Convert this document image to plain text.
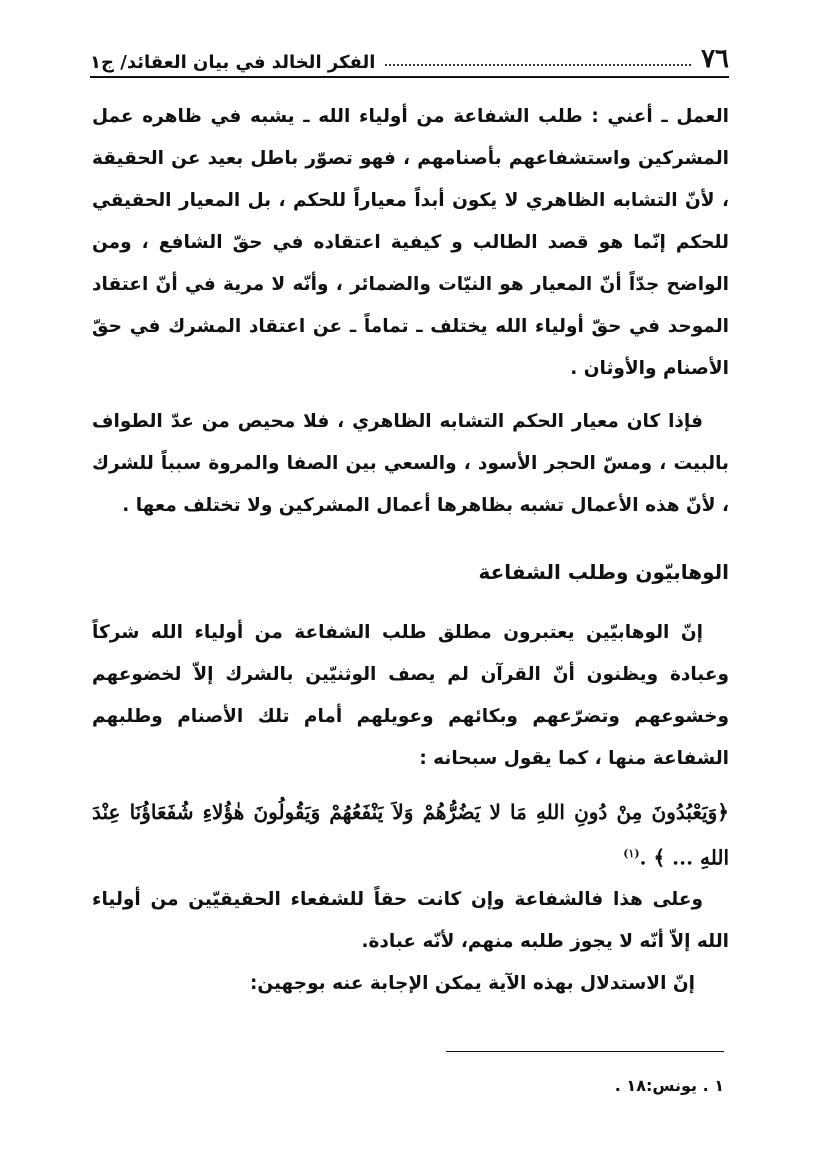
٧٦
الفكر الخالد في بيان العقائد/ ج١

العمل ـ أعني : طلب الشفاعة من أولياء الله ـ يشبه في ظاهره عمل المشركين واستشفاعهم بأصنامهم ، فهو تصوّر باطل بعيد عن الحقيقة ، لأنّ التشابه الظاهري لا يكون أبداً معياراً للحكم ، بل المعيار الحقيقي للحكم إنّما هو قصد الطالب و كيفية اعتقاده في حقّ الشافع ، ومن الواضح جدّاً أنّ المعيار هو النيّات والضمائر ، وأنّه لا مرية في أنّ اعتقاد الموحد في حقّ أولياء الله يختلف ـ تماماً ـ عن اعتقاد المشرك في حقّ الأصنام والأوثان .

فإذا كان معيار الحكم التشابه الظاهري ، فلا محيص من عدّ الطواف بالبيت ، ومسّ الحجر الأسود ، والسعي بين الصفا والمروة سبباً للشرك ، لأنّ هذه الأعمال تشبه بظاهرها أعمال المشركين ولا تختلف معها .

الوهابيّون وطلب الشفاعة

إنّ الوهابيّين يعتبرون مطلق طلب الشفاعة من أولياء الله شركاً وعبادة ويظنون أنّ القرآن لم يصف الوثنيّين بالشرك إلاّ لخضوعهم وخشوعهم وتضرّعهم وبكائهم وعويلهم أمام تلك الأصنام وطلبهم الشفاعة منها ، كما يقول سبحانه :

﴿وَيَعْبُدُونَ مِنْ دُونِ اللهِ مَا لا يَضُرُّهُمْ وَلاَ يَنْفَعُهُمْ وَيَقُولُونَ هٰؤُلاءِ شُفَعَاؤُنَا عِنْدَ اللهِ ... ﴾ .$^{(١)}$

وعلى هذا فالشفاعة وإن كانت حقاً للشفعاء الحقيقيّين من أولياء الله إلاّ أنّه لا يجوز طلبه منهم، لأنّه عبادة.

إنّ الاستدلال بهذه الآية يمكن الإجابة عنه بوجهين:

١ . يونس:١٨ .
